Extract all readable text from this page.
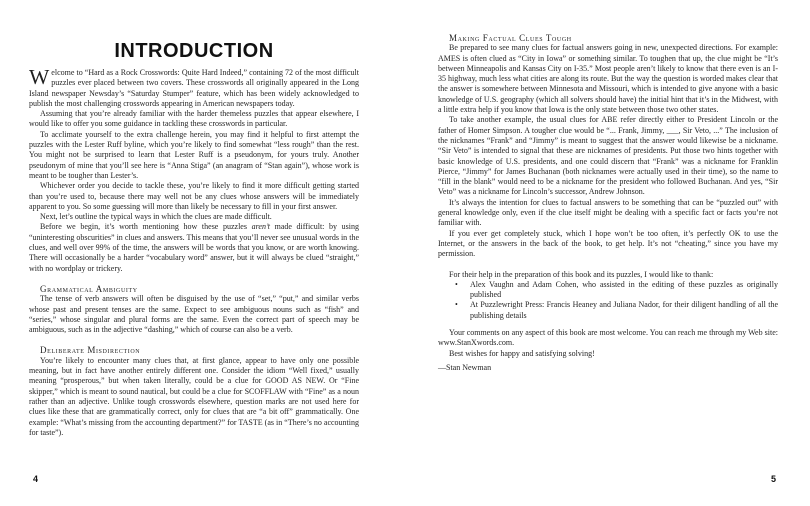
INTRODUCTION

Welcome to “Hard as a Rock Crosswords: Quite Hard Indeed,” containing 72 of the most difficult puzzles ever placed between two covers. These crosswords all originally appeared in the Long Island newspaper Newsday’s “Saturday Stumper” feature, which has been widely acknowledged to publish the most challenging crosswords appearing in American newspapers today.

Assuming that you’re already familiar with the harder themeless puzzles that appear elsewhere, I would like to offer you some guidance in tackling these crosswords in particular.

To acclimate yourself to the extra challenge herein, you may find it helpful to first attempt the puzzles with the Lester Ruff byline, which you’re likely to find somewhat “less rough” than the rest. You might not be surprised to learn that Lester Ruff is a pseudonym, for yours truly. Another pseudonym of mine that you’ll see here is “Anna Stiga” (an anagram of “Stan again”), whose work is meant to be tougher than Lester’s.

Whichever order you decide to tackle these, you’re likely to find it more difficult getting started than you’re used to, because there may well not be any clues whose answers will be immediately apparent to you. So some guessing will more than likely be necessary to fill in your first answer.

Next, let’s outline the typical ways in which the clues are made difficult.

Before we begin, it’s worth mentioning how these puzzles aren’t made difficult: by using “uninteresting obscurities” in clues and answers. This means that you’ll never see unusual words in the clues, and well over 99% of the time, the answers will be words that you know, or are worth knowing. There will occasionally be a harder “vocabulary word” answer, but it will always be clued “straight,” with no wordplay or trickery.

Grammatical Ambiguity

The tense of verb answers will often be disguised by the use of “set,” “put,” and similar verbs whose past and present tenses are the same. Expect to see ambiguous nouns such as “fish” and “series,” whose singular and plural forms are the same. Even the correct part of speech may be ambiguous, such as in the adjective “dashing,” which of course can also be a verb.

Deliberate Misdirection

You’re likely to encounter many clues that, at first glance, appear to have only one possible meaning, but in fact have another entirely different one. Consider the idiom “Well fixed,” usually meaning “prosperous,” but when taken literally, could be a clue for GOOD AS NEW. Or “Fine skipper,” which is meant to sound nautical, but could be a clue for SCOFFLAW with “Fine” as a noun rather than an adjective. Unlike tough crosswords elsewhere, question marks are not used here for clues like these that are grammatically correct, only for clues that are “a bit off” grammatically. One example: “What’s missing from the accounting department?” for TASTE (as in “There’s no accounting for taste”).

Making Factual Clues Tough

Be prepared to see many clues for factual answers going in new, unexpected directions. For example: AMES is often clued as “City in Iowa” or something similar. To toughen that up, the clue might be “It’s between Minneapolis and Kansas City on I-35.” Most people aren’t likely to know that there even is an I-35 highway, much less what cities are along its route. But the way the question is worded makes clear that the answer is somewhere between Minnesota and Missouri, which is intended to give anyone with a basic knowledge of U.S. geography (which all solvers should have) the initial hint that it’s in the Midwest, with a little extra help if you know that Iowa is the only state between those two other states.

To take another example, the usual clues for ABE refer directly either to President Lincoln or the father of Homer Simpson. A tougher clue would be “... Frank, Jimmy, ___, Sir Veto, ...” The inclusion of the nicknames “Frank” and “Jimmy” is meant to suggest that the answer would likewise be a nickname. “Sir Veto” is intended to signal that these are nicknames of presidents. Put those two hints together with basic knowledge of U.S. presidents, and one could discern that “Frank” was a nickname for Franklin Pierce, “Jimmy” for James Buchanan (both nicknames were actually used in their time), so the name to “fill in the blank” would need to be a nickname for the president who followed Buchanan. And yes, “Sir Veto” was a nickname for Lincoln’s successor, Andrew Johnson.

It’s always the intention for clues to factual answers to be something that can be “puzzled out” with general knowledge only, even if the clue itself might be dealing with a specific fact or facts you’re not familiar with.

If you ever get completely stuck, which I hope won’t be too often, it’s perfectly OK to use the Internet, or the answers in the back of the book, to get help. It’s not “cheating,” since you have my permission.

For their help in the preparation of this book and its puzzles, I would like to thank:

•	Alex Vaughn and Adam Cohen, who assisted in the editing of these puzzles as originally published
•	At Puzzlewright Press: Francis Heaney and Juliana Nador, for their diligent handling of all the publishing details

Your comments on any aspect of this book are most welcome. You can reach me through my Web site: www.StanXwords.com.

Best wishes for happy and satisfying solving!

—Stan Newman

4	5
